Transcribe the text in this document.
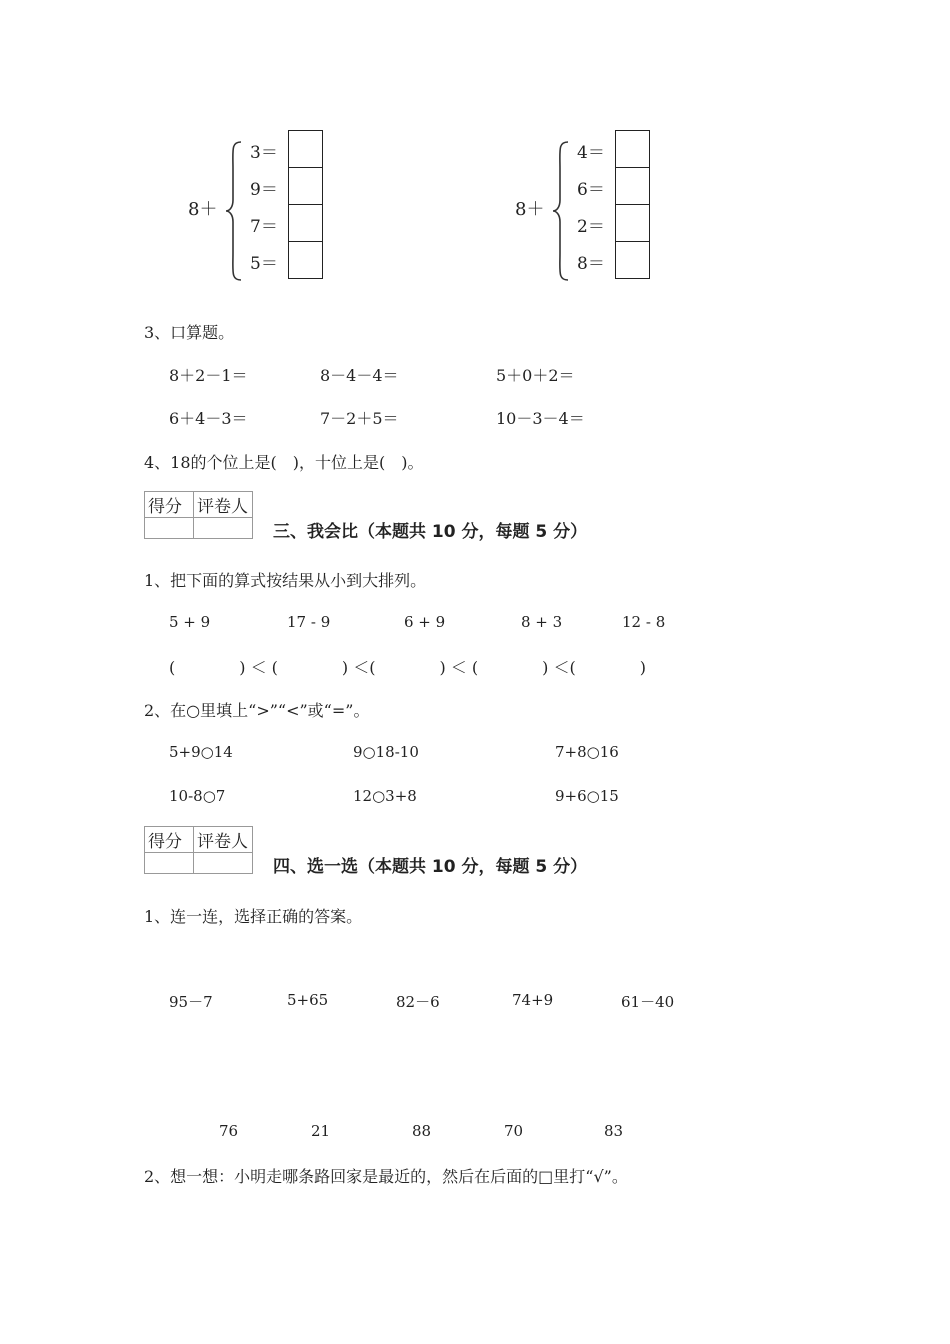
8＋
3＝
9＝
7＝
5＝
8＋
4＝
6＝
2＝
8＝
3、口算题。
8＋2－1＝	8－4－4＝	5＋0＋2＝
6＋4－3＝	7－2＋5＝	10－3－4＝
4、18的个位上是(　)，十位上是(　)。
得分	评卷人

三、我会比（本题共 10 分，每题 5 分）
1、把下面的算式按结果从小到大排列。
5 + 9	17 - 9	6 + 9	8 + 3	12 - 8
(　　　　) ＜ (　　　　) ＜(　　　　) ＜ (　　　　) ＜(　　　　)
2、在○里填上“>”“<”或“=”。
5+9○14	9○18-10	7+8○16
10-8○7	12○3+8	9+6○15
得分	评卷人

四、选一选（本题共 10 分，每题 5 分）
1、连一连，选择正确的答案。
95－7	5+65	82－6	74+9	61－40
76	21	88	70	83
2、想一想：小明走哪条路回家是最近的，然后在后面的□里打“√”。
